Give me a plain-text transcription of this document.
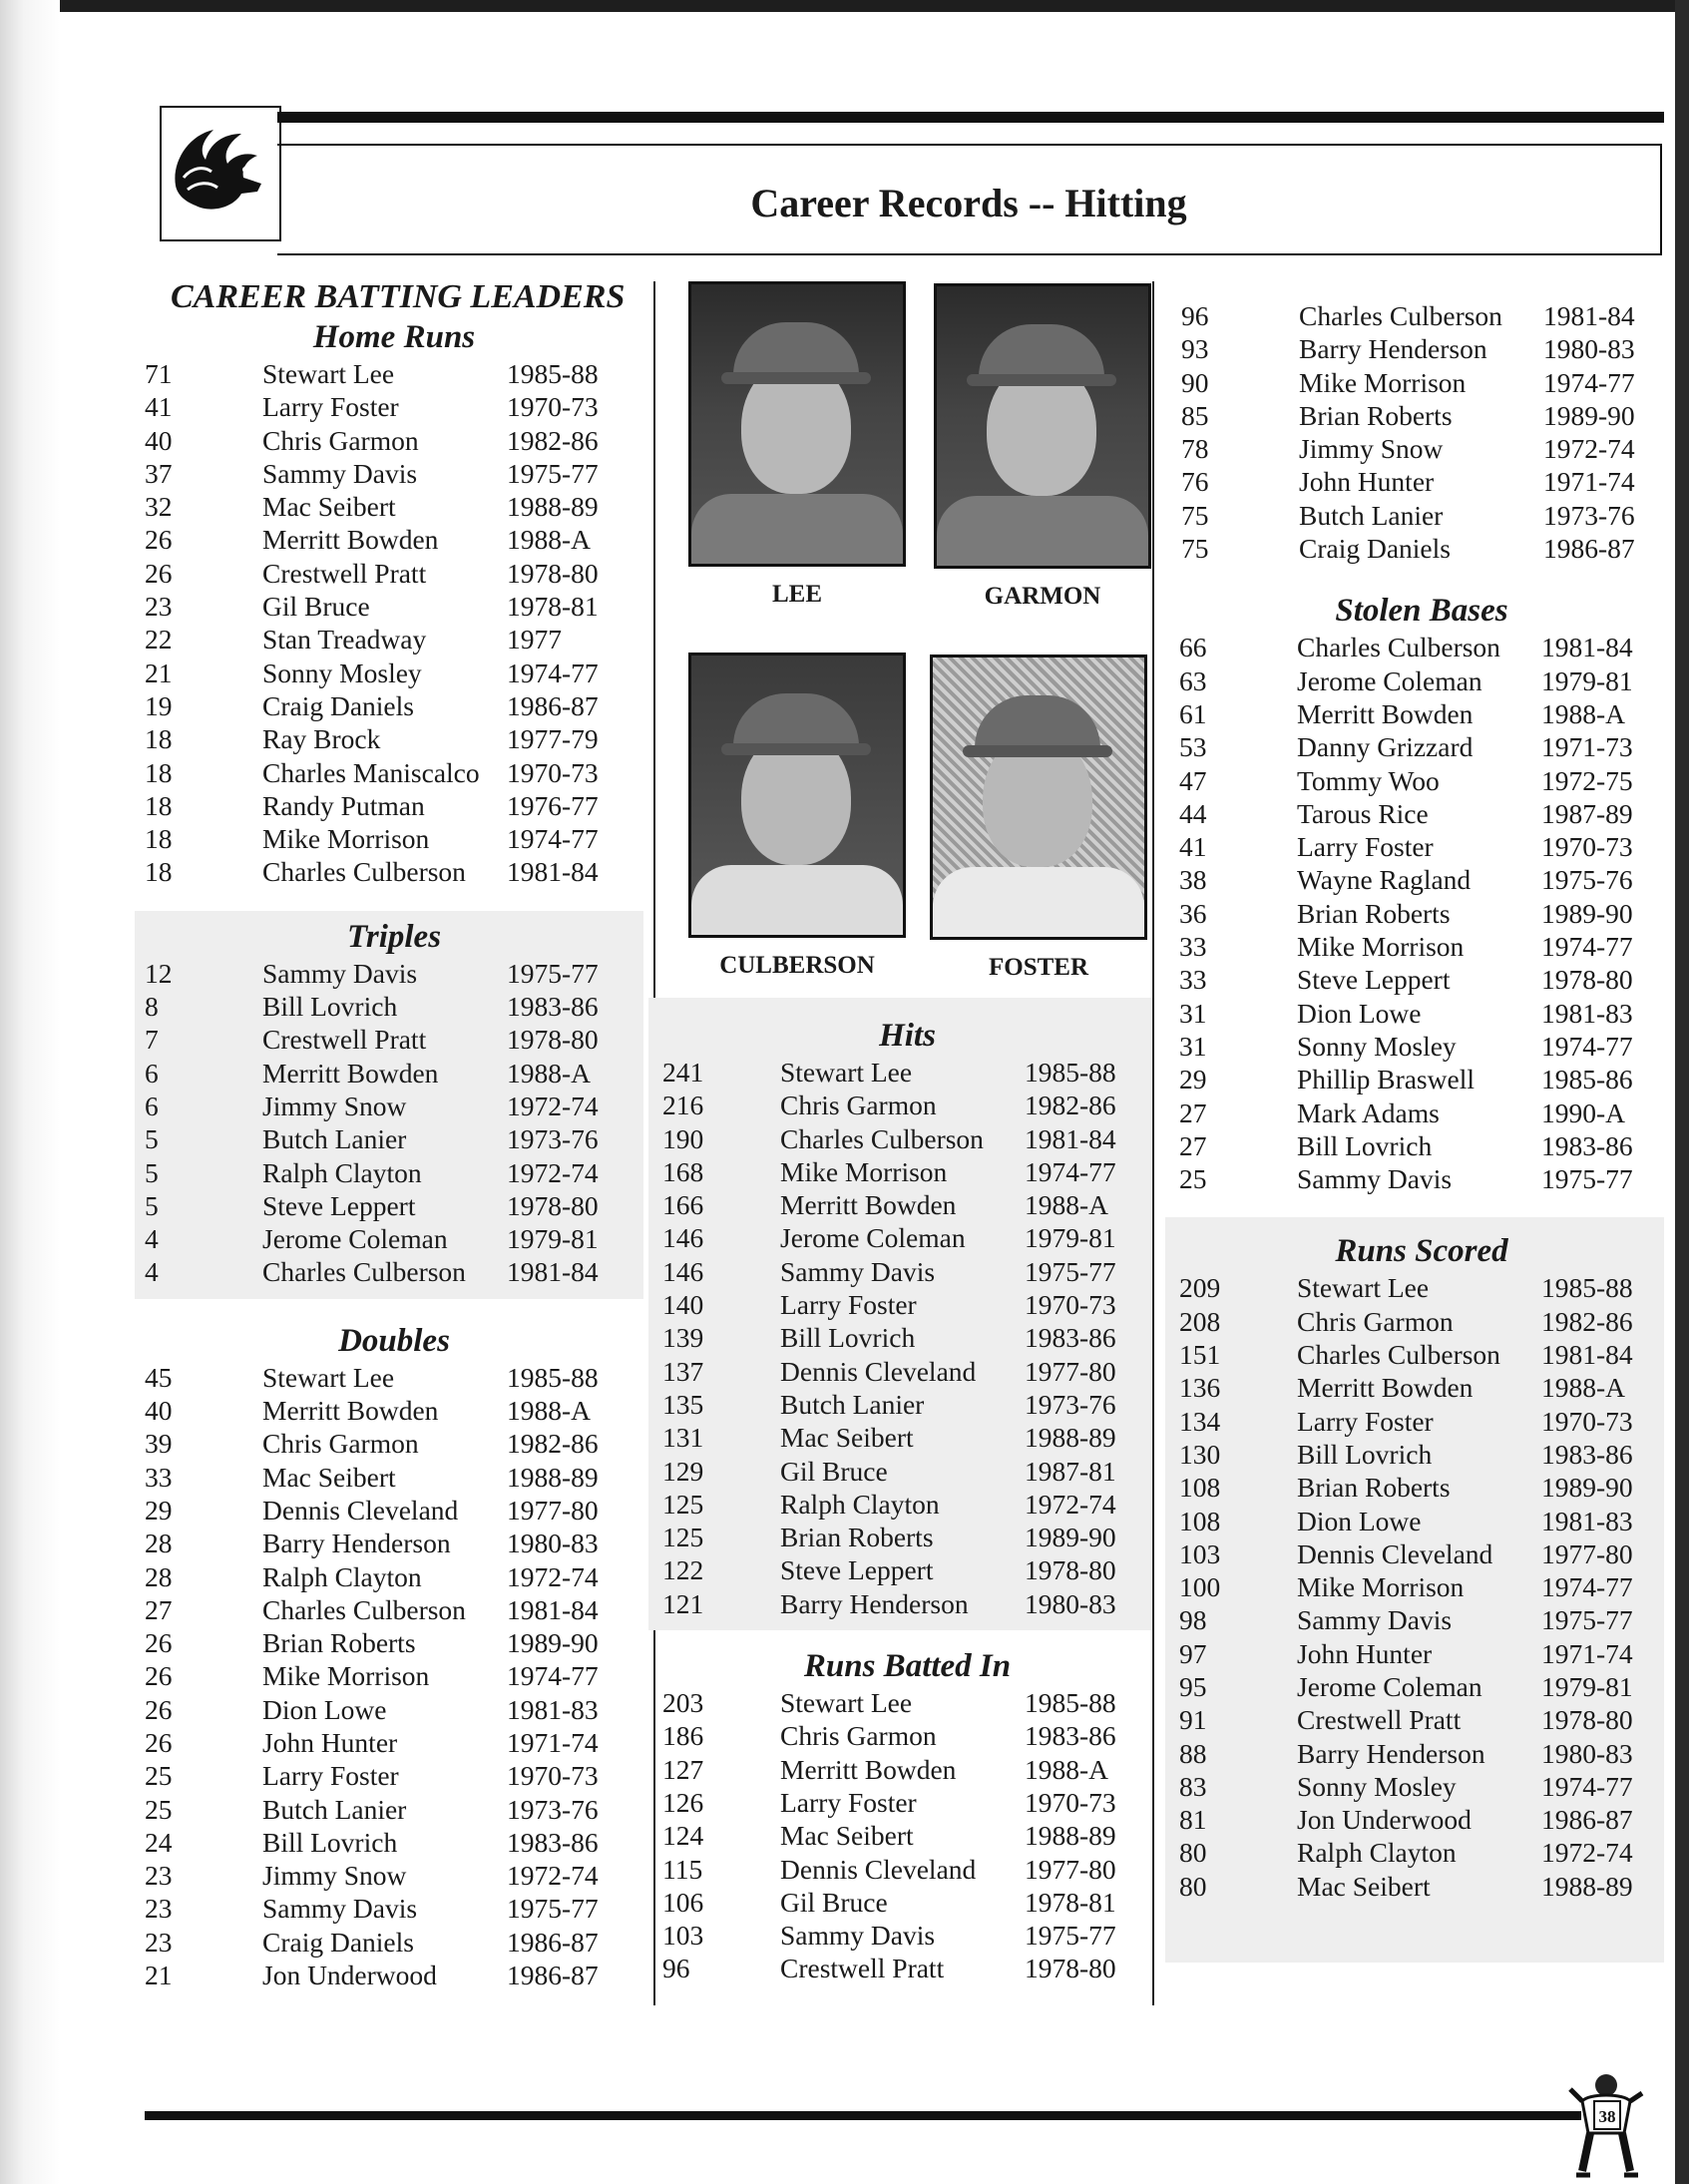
Career Records -- Hitting
CAREER BATTING LEADERS
Home Runs
71	Stewart Lee	1985-88
41	Larry Foster	1970-73
40	Chris Garmon	1982-86
37	Sammy Davis	1975-77
32	Mac Seibert	1988-89
26	Merritt Bowden	1988-A
26	Crestwell Pratt	1978-80
23	Gil Bruce	1978-81
22	Stan Treadway	1977
21	Sonny Mosley	1974-77
19	Craig Daniels	1986-87
18	Ray Brock	1977-79
18	Charles Maniscalco 1970-73
18	Randy Putman	1976-77
18	Mike Morrison	1974-77
18	Charles Culberson	1981-84
Triples
12	Sammy Davis	1975-77
8	Bill Lovrich	1983-86
7	Crestwell Pratt	1978-80
6	Merritt Bowden	1988-A
6	Jimmy Snow	1972-74
5	Butch Lanier	1973-76
5	Ralph Clayton	1972-74
5	Steve Leppert	1978-80
4	Jerome Coleman	1979-81
4	Charles Culberson	1981-84
Doubles
45	Stewart Lee	1985-88
40	Merritt Bowden	1988-A
39	Chris Garmon	1982-86
33	Mac Seibert	1988-89
29	Dennis Cleveland	1977-80
28	Barry Henderson	1980-83
28	Ralph Clayton	1972-74
27	Charles Culberson	1981-84
26	Brian Roberts	1989-90
26	Mike Morrison	1974-77
26	Dion Lowe	1981-83
26	John Hunter	1971-74
25	Larry Foster	1970-73
25	Butch Lanier	1973-76
24	Bill Lovrich	1983-86
23	Jimmy Snow	1972-74
23	Sammy Davis	1975-77
23	Craig Daniels	1986-87
21	Jon Underwood	1986-87
LEE	GARMON
CULBERSON	FOSTER
Hits
241	Stewart Lee	1985-88
216	Chris Garmon	1982-86
190	Charles Culberson	1981-84
168	Mike Morrison	1974-77
166	Merritt Bowden	1988-A
146	Jerome Coleman	1979-81
146	Sammy Davis	1975-77
140	Larry Foster	1970-73
139	Bill Lovrich	1983-86
137	Dennis Cleveland	1977-80
135	Butch Lanier	1973-76
131	Mac Seibert	1988-89
129	Gil Bruce	1987-81
125	Ralph Clayton	1972-74
125	Brian Roberts	1989-90
122	Steve Leppert	1978-80
121	Barry Henderson	1980-83
Runs Batted In
203	Stewart Lee	1985-88
186	Chris Garmon	1983-86
127	Merritt Bowden	1988-A
126	Larry Foster	1970-73
124	Mac Seibert	1988-89
115	Dennis Cleveland	1977-80
106	Gil Bruce	1978-81
103	Sammy Davis	1975-77
96	Crestwell Pratt	1978-80
96	Charles Culberson	1981-84
93	Barry Henderson	1980-83
90	Mike Morrison	1974-77
85	Brian Roberts	1989-90
78	Jimmy Snow	1972-74
76	John Hunter	1971-74
75	Butch Lanier	1973-76
75	Craig Daniels	1986-87
Stolen Bases
66	Charles Culberson	1981-84
63	Jerome Coleman	1979-81
61	Merritt Bowden	1988-A
53	Danny Grizzard	1971-73
47	Tommy Woo	1972-75
44	Tarous Rice	1987-89
41	Larry Foster	1970-73
38	Wayne Ragland	1975-76
36	Brian Roberts	1989-90
33	Mike Morrison	1974-77
33	Steve Leppert	1978-80
31	Dion Lowe	1981-83
31	Sonny Mosley	1974-77
29	Phillip Braswell	1985-86
27	Mark Adams	1990-A
27	Bill Lovrich	1983-86
25	Sammy Davis	1975-77
Runs Scored
209	Stewart Lee	1985-88
208	Chris Garmon	1982-86
151	Charles Culberson	1981-84
136	Merritt Bowden	1988-A
134	Larry Foster	1970-73
130	Bill Lovrich	1983-86
108	Brian Roberts	1989-90
108	Dion Lowe	1981-83
103	Dennis Cleveland	1977-80
100	Mike Morrison	1974-77
98	Sammy Davis	1975-77
97	John Hunter	1971-74
95	Jerome Coleman	1979-81
91	Crestwell Pratt	1978-80
88	Barry Henderson	1980-83
83	Sonny Mosley	1974-77
81	Jon Underwood	1986-87
80	Ralph Clayton	1972-74
80	Mac Seibert	1988-89
38
